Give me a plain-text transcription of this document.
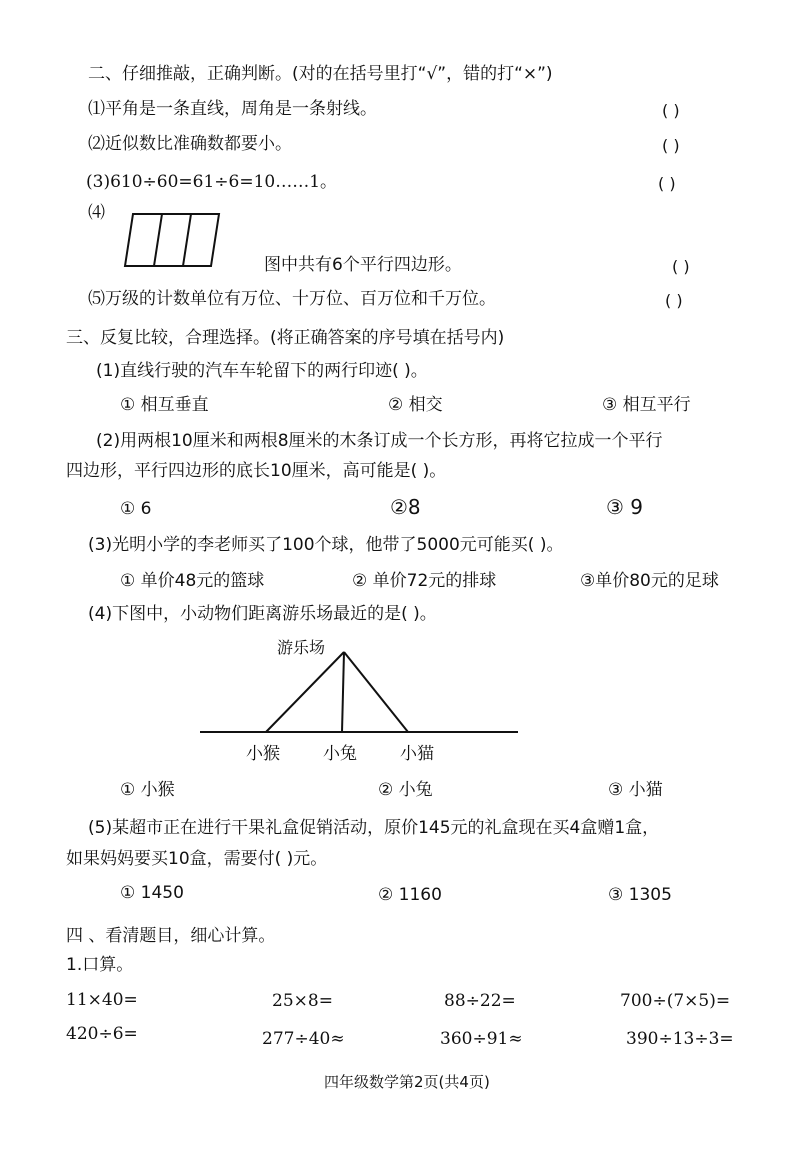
二、仔细推敲，正确判断。(对的在括号里打“√”，错的打“×”)
⑴平角是一条直线，周角是一条射线。	( )
⑵近似数比准确数都要小。	( )
(3)610÷60=61÷6=10……1。	( )
⑷
图中共有6个平行四边形。	( )
⑸万级的计数单位有万位、十万位、百万位和千万位。	( )
三、反复比较，合理选择。(将正确答案的序号填在括号内)
(1)直线行驶的汽车车轮留下的两行印迹( )。
① 相互垂直	② 相交	③ 相互平行
(2)用两根10厘米和两根8厘米的木条订成一个长方形，再将它拉成一个平行
四边形，平行四边形的底长10厘米，高可能是( )。
① 6	②8	③ 9
(3)光明小学的李老师买了100个球，他带了5000元可能买( )。
① 单价48元的篮球	② 单价72元的排球	③单价80元的足球
(4)下图中，小动物们距离游乐场最近的是( )。
游乐场
小猴	小兔	小猫
① 小猴	② 小兔	③ 小猫
(5)某超市正在进行干果礼盒促销活动，原价145元的礼盒现在买4盒赠1盒，
如果妈妈要买10盒，需要付( )元。
① 1450	② 1160	③ 1305
四 、看清题目，细心计算。
1.口算。
11×40=	25×8=	88÷22=	700÷(7×5)=
420÷6=	277÷40≈	360÷91≈	390÷13÷3=
四年级数学第2页(共4页)
